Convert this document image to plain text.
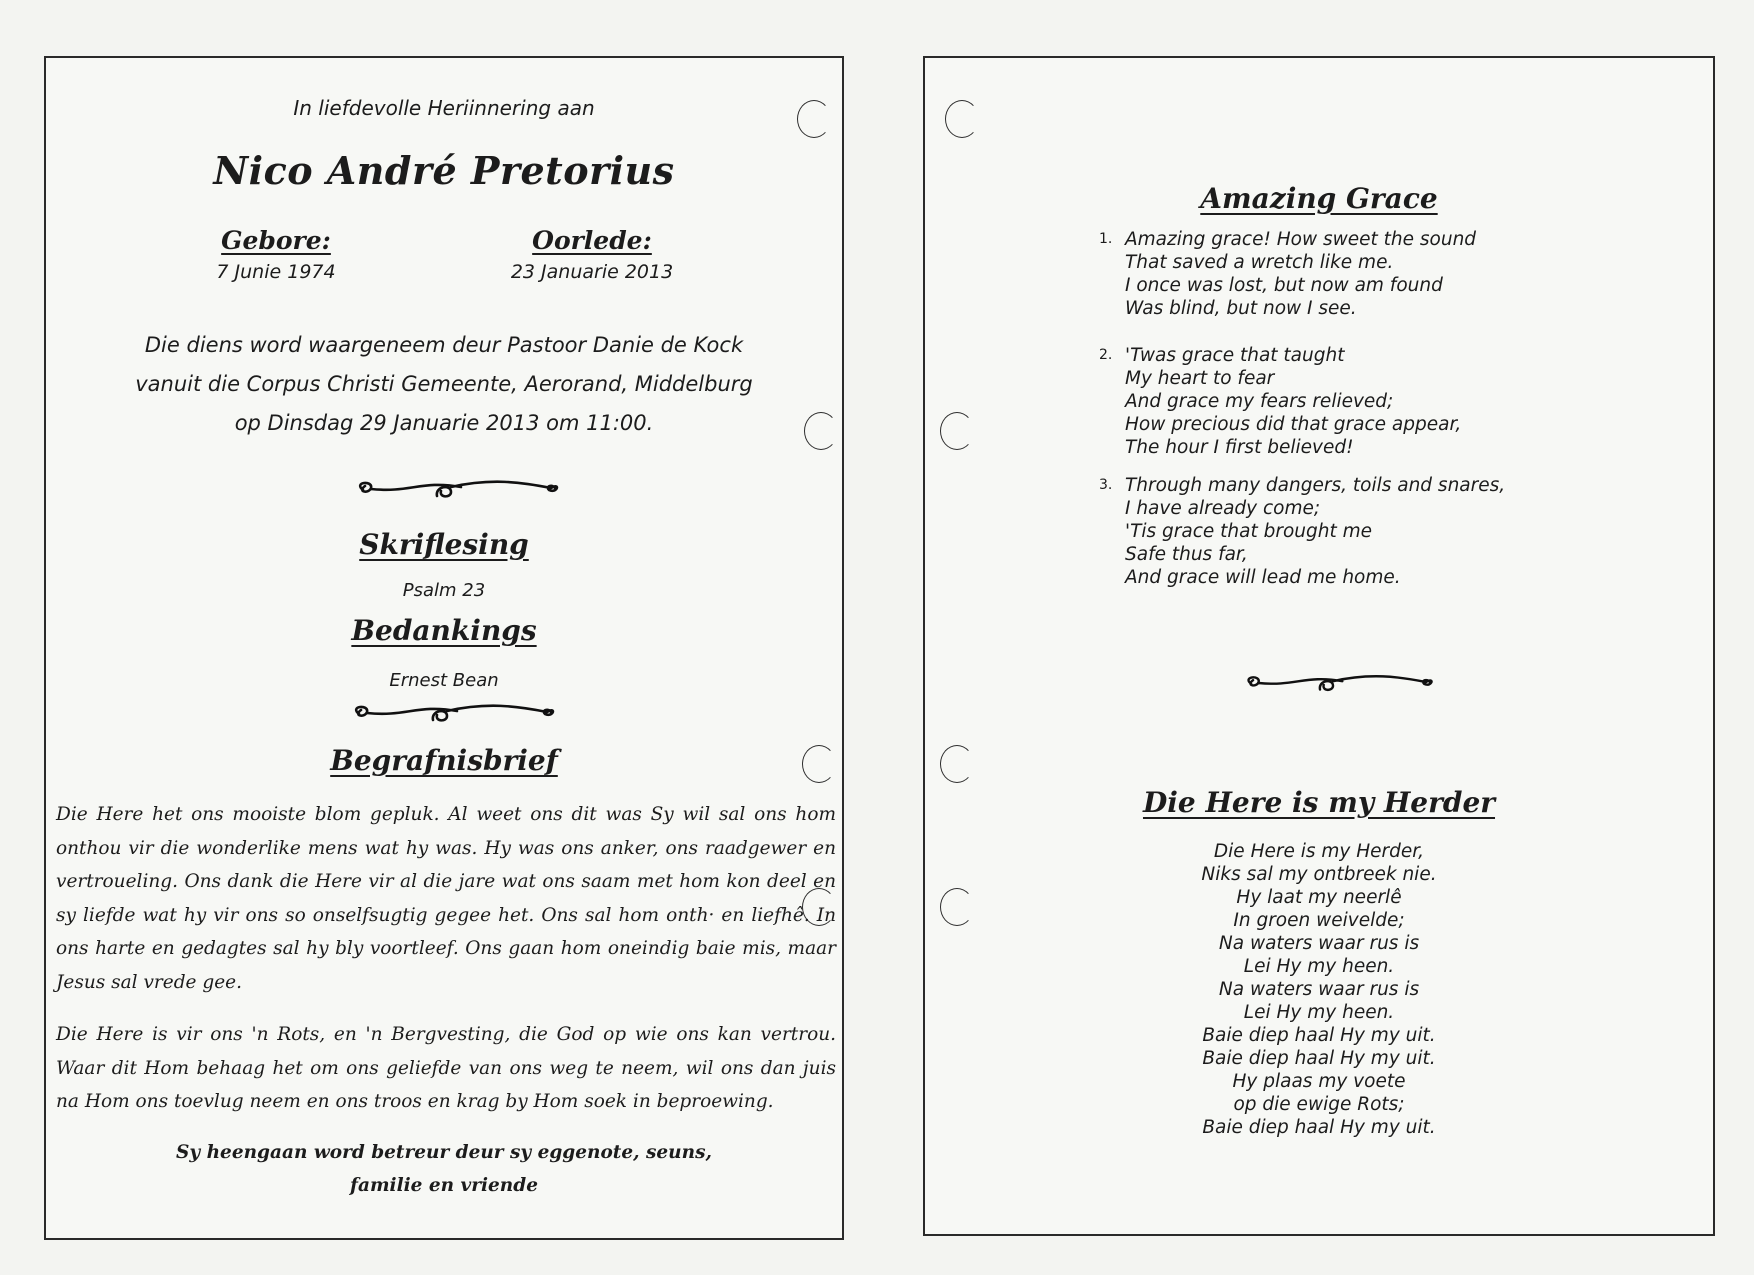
In liefdevolle Heriinnering aan
Nico André Pretorius
Gebore:
7 Junie 1974
Oorlede:
23 Januarie 2013
Die diens word waargeneem deur Pastoor Danie de Kock
vanuit die Corpus Christi Gemeente, Aerorand, Middelburg
op Dinsdag 29 Januarie 2013 om 11:00.
Skriflesing
Psalm 23
Bedankings
Ernest Bean
Begrafnisbrief

Die Here het ons mooiste blom gepluk. Al weet ons dit was Sy wil sal ons hom onthou vir die wonderlike mens wat hy was. Hy was ons anker, ons raadgewer en vertroueling. Ons dank die Here vir al die jare wat ons saam met hom kon deel en sy liefde wat hy vir ons so onselfsugtig gegee het. Ons sal hom onth· en liefhê. In ons harte en gedagtes sal hy bly voortleef. Ons gaan hom oneindig baie mis, maar Jesus sal vrede gee.

Die Here is vir ons 'n Rots, en 'n Bergvesting, die God op wie ons kan vertrou. Waar dit Hom behaag het om ons geliefde van ons weg te neem, wil ons dan juis na Hom ons toevlug neem en ons troos en krag by Hom soek in beproewing.

Sy heengaan word betreur deur sy eggenote, seuns,
familie en vriende
Amazing Grace
1. Amazing grace! How sweet the sound
That saved a wretch like me.
I once was lost, but now am found
Was blind, but now I see.
2. 'Twas grace that taught
My heart to fear
And grace my fears relieved;
How precious did that grace appear,
The hour I first believed!
3. Through many dangers, toils and snares,
I have already come;
'Tis grace that brought me
Safe thus far,
And grace will lead me home.
Die Here is my Herder
Die Here is my Herder,
Niks sal my ontbreek nie.
Hy laat my neerlê
In groen weivelde;
Na waters waar rus is
Lei Hy my heen.
Na waters waar rus is
Lei Hy my heen.
Baie diep haal Hy my uit.
Baie diep haal Hy my uit.
Hy plaas my voete
op die ewige Rots;
Baie diep haal Hy my uit.
